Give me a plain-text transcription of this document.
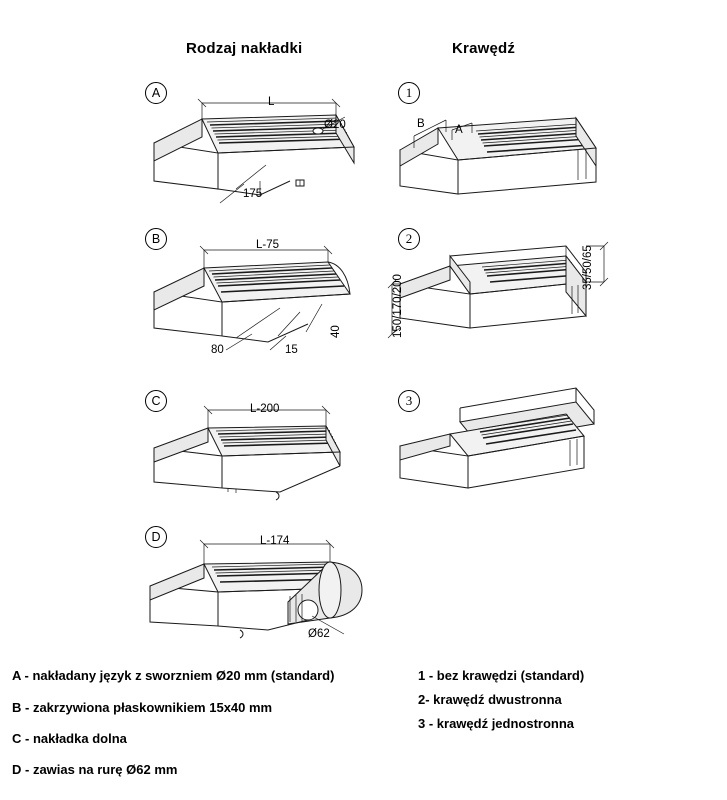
Rodzaj nakładki	Krawędź
A
L
Ø20
175
1
B	A
B	L-75
80	15
40
2
35/50/65
150/170/200
C
L-200
3
D	L-174
Ø62
A - nakładany język z sworzniem Ø20 mm (standard)
B - zakrzywiona płaskownikiem 15x40 mm
C - nakładka dolna
D - zawias na rurę Ø62 mm
1 - bez krawędzi (standard)
2- krawędź dwustronna
3 - krawędź jednostronna
